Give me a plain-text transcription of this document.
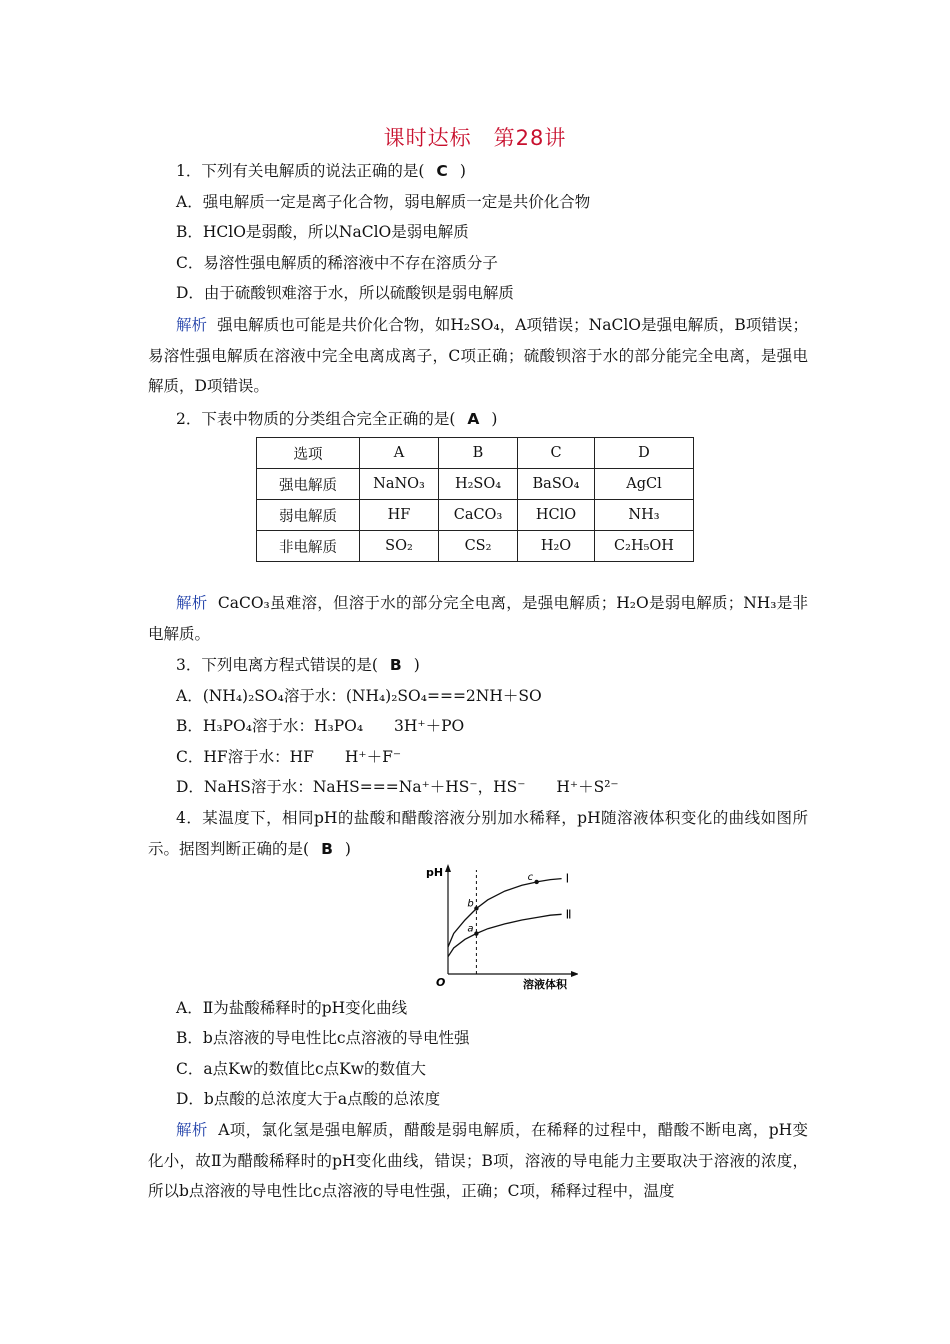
课时达标　第28讲
1．下列有关电解质的说法正确的是( C )
A．强电解质一定是离子化合物，弱电解质一定是共价化合物
B．HClO是弱酸，所以NaClO是弱电解质
C．易溶性强电解质的稀溶液中不存在溶质分子
D．由于硫酸钡难溶于水，所以硫酸钡是弱电解质
解析 强电解质也可能是共价化合物，如H₂SO₄，A项错误；NaClO是强电解质，B项错误；易溶性强电解质在溶液中完全电离成离子，C项正确；硫酸钡溶于水的部分能完全电离，是强电解质，D项错误。
2．下表中物质的分类组合完全正确的是( A )
选项	A	B	C	D
强电解质	NaNO₃	H₂SO₄	BaSO₄	AgCl
弱电解质	HF	CaCO₃	HClO	NH₃
非电解质	SO₂	CS₂	H₂O	C₂H₅OH
解析 CaCO₃虽难溶，但溶于水的部分完全电离，是强电解质；H₂O是弱电解质；NH₃是非电解质。
3．下列电离方程式错误的是( B )
A．(NH₄)₂SO₄溶于水：(NH₄)₂SO₄===2NH＋SO
B．H₃PO₄溶于水：H₃PO₄　　3H⁺＋PO
C．HF溶于水：HF　　H⁺＋F⁻
D．NaHS溶于水：NaHS===Na⁺＋HS⁻，HS⁻　　H⁺＋S²⁻
4．某温度下，相同pH的盐酸和醋酸溶液分别加水稀释，pH随溶液体积变化的曲线如图所示。据图判断正确的是( B )
Ⅰ
Ⅱ
a
b
c
pH
溶液体积
O
A．Ⅱ为盐酸稀释时的pH变化曲线
B．b点溶液的导电性比c点溶液的导电性强
C．a点Kw的数值比c点Kw的数值大
D．b点酸的总浓度大于a点酸的总浓度
解析 A项，氯化氢是强电解质，醋酸是弱电解质，在稀释的过程中，醋酸不断电离，pH变化小，故Ⅱ为醋酸稀释时的pH变化曲线，错误；B项，溶液的导电能力主要取决于溶液的浓度，所以b点溶液的导电性比c点溶液的导电性强，正确；C项，稀释过程中，温度
